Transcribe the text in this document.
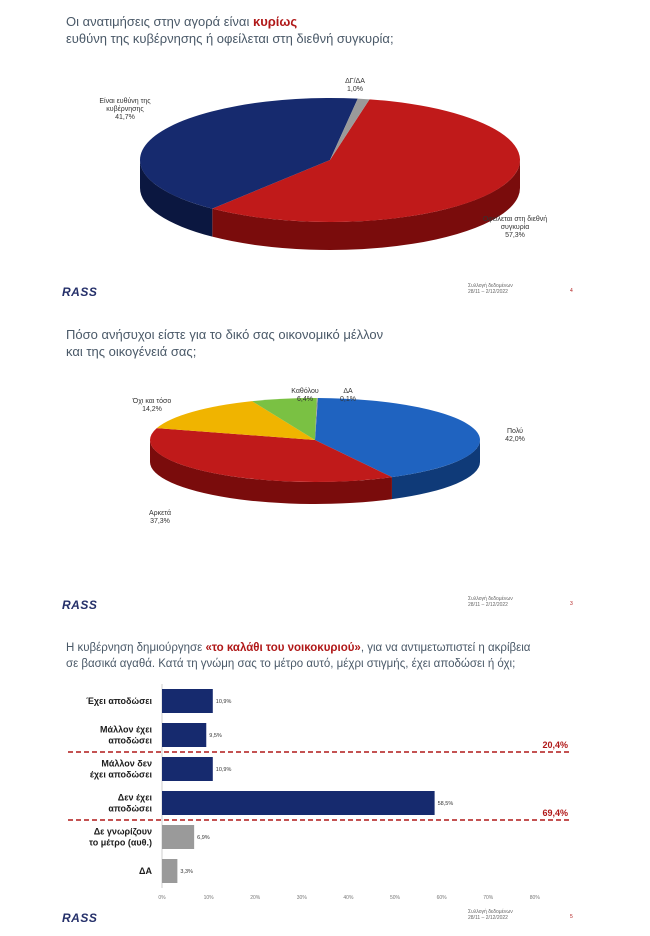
Οι ανατιμήσεις στην αγορά είναι κυρίως
ευθύνη της κυβέρνησης ή οφείλεται στη διεθνή συγκυρία;
Είναι ευθύνη της
κυβέρνησης
41,7%
ΔΓ/ΔΑ
1,0%
Οφείλεται στη διεθνή
συγκυρία
57,3%
RASS	Συλλογή δεδομένων
28/11 – 2/12/2022	4
Πόσο ανήσυχοι είστε για το δικό σας οικονομικό μέλλον
και της οικογένειά σας;
Όχι και τόσο
14,2%
Καθόλου
6,4%
ΔΑ
0,1%
Πολύ
42,0%
Αρκετά
37,3%
RASS	Συλλογή δεδομένων
28/11 – 2/12/2022	3
Η κυβέρνηση δημιούργησε «το καλάθι του νοικοκυριού», για να αντιμετωπιστεί η ακρίβεια
σε βασικά αγαθά. Κατά τη γνώμη σας το μέτρο αυτό, μέχρι στιγμής, έχει αποδώσει ή όχι;
0%	10%	20%	30%	40%	50%	60%	70%	80%
10,9%
Έχει αποδώσει
9,5%
Μάλλον έχει
αποδώσει
10,9%
Μάλλον δεν
έχει αποδώσει
58,5%
Δεν έχει
αποδώσει
6,9%
Δε γνωρίζουν
το μέτρο (αυθ.)
3,3%
ΔΑ
20,4%
69,4%
RASS	Συλλογή δεδομένων
28/11 – 2/12/2022	5
